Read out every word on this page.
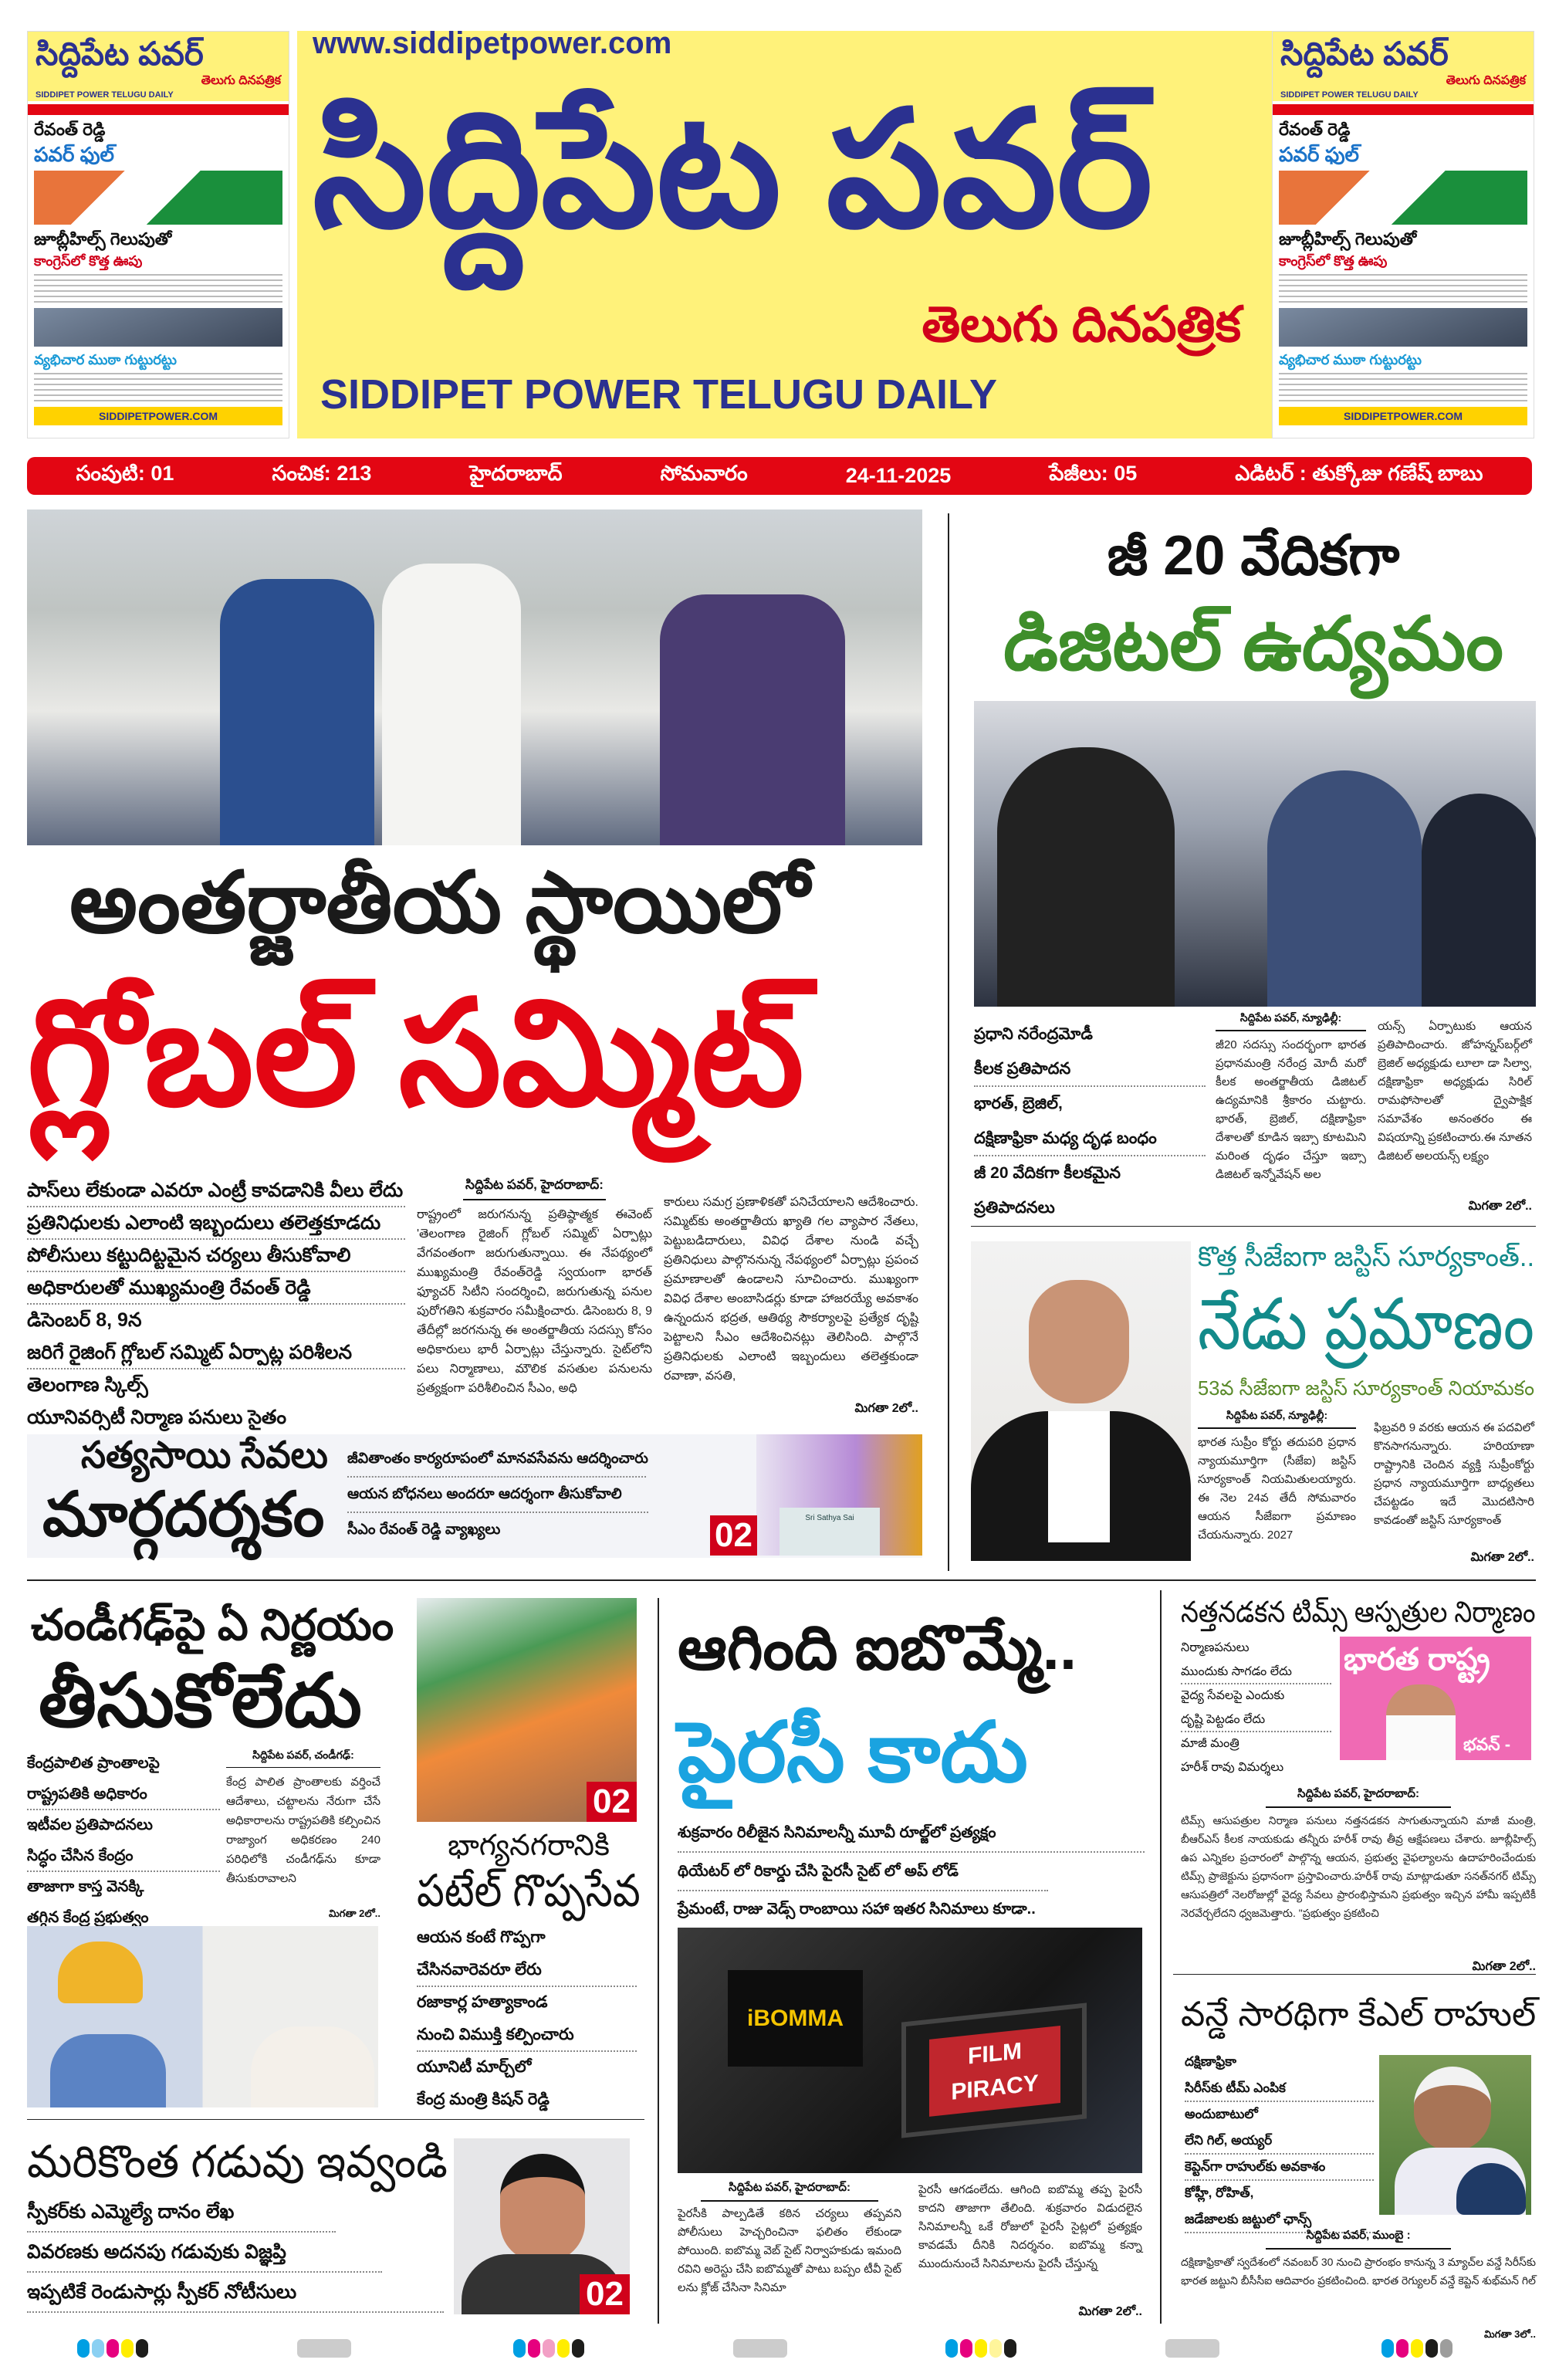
సిద్దిపేట పవర్
తెలుగు దినపత్రిక
SIDDIPET POWER TELUGU DAILY
రేవంత్ రెడ్డి
పవర్ ఫుల్
జూబ్లీహిల్స్ గెలుపుతో
కాంగ్రెస్‌లో కొత్త ఊపు
వ్యభిచార ముఠా గుట్టురట్టు
SIDDIPETPOWER.COM
www.siddipetpower.com
సిద్దిపేట పవర్
తెలుగు దినపత్రిక
SIDDIPET POWER TELUGU DAILY
సిద్దిపేట పవర్
తెలుగు దినపత్రిక
SIDDIPET POWER TELUGU DAILY
రేవంత్ రెడ్డి
పవర్ ఫుల్
జూబ్లీహిల్స్ గెలుపుతో
కాంగ్రెస్‌లో కొత్త ఊపు
వ్యభిచార ముఠా గుట్టురట్టు
SIDDIPETPOWER.COM
సంపుటి: 01	సంచిక: 213	హైదరాబాద్	సోమవారం	24-11-2025	పేజీలు: 05	ఎడిటర్ : తుక్కోజు గణేష్ బాబు
అంతర్జాతీయ స్థాయిలో
గ్లోబల్ సమ్మిట్
పాస్‌లు లేకుండా ఎవరూ ఎంట్రీ కావడానికి వీలు లేదు
ప్రతినిధులకు ఎలాంటి ఇబ్బందులు తలెత్తకూడదు
పోలీసులు కట్టుదిట్టమైన చర్యలు తీసుకోవాలి
అధికారులతో ముఖ్యమంత్రి రేవంత్ రెడ్డి
డిసెంబర్ 8, 9న
జరిగే రైజింగ్ గ్లోబల్ సమ్మిట్ ఏర్పాట్ల పరిశీలన
తెలంగాణ స్కిల్స్
యూనివర్సిటీ నిర్మాణ పనులు సైతం
సిద్దిపేట పవర్, హైదరాబాద్:
రాష్ట్రంలో జరుగనున్న ప్రతిష్ఠాత్మక ఈవెంట్ 'తెలంగాణ రైజింగ్ గ్లోబల్ సమ్మిట్' ఏర్పాట్లు వేగవంతంగా జరుగుతున్నాయి. ఈ నేపథ్యంలో ముఖ్యమంత్రి రేవంత్‌రెడ్డి స్వయంగా భారత్ ఫ్యూచర్ సిటీని సందర్శించి, జరుగుతున్న పనుల పురోగతిని శుక్రవారం సమీక్షించారు. డిసెంబరు 8, 9 తేదీల్లో జరగనున్న ఈ అంతర్జాతీయ సదస్సు కోసం అధికారులు భారీ ఏర్పాట్లు చేస్తున్నారు. సైట్‌లోని పలు నిర్మాణాలు, మౌలిక వసతుల పనులను ప్రత్యక్షంగా పరిశీలించిన సీఎం, అధి
కారులు సమగ్ర ప్రణాళికతో పనిచేయాలని ఆదేశించారు. సమ్మిట్‌కు అంతర్జాతీయ ఖ్యాతి గల వ్యాపార నేతలు, పెట్టుబడిదారులు, వివిధ దేశాల నుండి వచ్చే ప్రతినిధులు పాల్గొననున్న నేపథ్యంలో ఏర్పాట్లు ప్రపంచ ప్రమాణాలతో ఉండాలని సూచించారు. ముఖ్యంగా వివిధ దేశాల అంబాసిడర్లు కూడా హాజరయ్యే అవకాశం ఉన్నందున భద్రత, ఆతిథ్య సౌకర్యాలపై ప్రత్యేక దృష్టి పెట్టాలని సీఎం ఆదేశించినట్లు తెలిసింది. పాల్గొనే ప్రతినిధులకు ఎలాంటి ఇబ్బందులు తలెత్తకుండా రవాణా, వసతి,
మిగతా 2లో..
సత్యసాయి సేవలు
మార్గదర్శకం
జీవితాంతం కార్యరూపంలో మానవసేవను ఆదర్శించారు
ఆయన బోధనలు అందరూ ఆదర్శంగా తీసుకోవాలి
సీఎం రేవంత్ రెడ్డి వ్యాఖ్యలు
Sri Sathya Sai
02
జీ 20 వేదికగా
డిజిటల్ ఉద్యమం
ప్రధాని నరేంద్రమోడీ
కీలక ప్రతిపాదన
భారత్, బ్రెజిల్,
దక్షిణాఫ్రికా మధ్య దృఢ బంధం
జీ 20 వేదికగా కీలకమైన
ప్రతిపాదనలు
సిద్దిపేట పవర్, న్యూఢిల్లీ:
జీ20 సదస్సు సందర్భంగా భారత ప్రధానమంత్రి నరేంద్ర మోదీ మరో కీలక అంతర్జాతీయ డిజిటల్ ఉద్యమానికి శ్రీకారం చుట్టారు. భారత్, బ్రెజిల్, దక్షిణాఫ్రికా దేశాలతో కూడిన ఇబ్సా కూటమిని మరింత దృఢం చేస్తూ ఇబ్సా డిజిటల్ ఇన్నోవేషన్ అల
యన్స్ ఏర్పాటుకు ఆయన ప్రతిపాదించారు. జోహన్నస్‌బర్గ్‌లో బ్రెజిల్ అధ్యక్షుడు లూలా డా సిల్వా, దక్షిణాఫ్రికా అధ్యక్షుడు సిరిల్ రామఫోసాలతో ద్వైపాక్షిక సమావేశం అనంతరం ఈ విషయాన్ని ప్రకటించారు.ఈ నూతన డిజిటల్ అలయన్స్ లక్ష్యం
మిగతా 2లో..
కొత్త సీజేఐగా జస్టిస్ సూర్యకాంత్..
నేడు ప్రమాణం
53వ సీజేఐగా జస్టిస్ సూర్యకాంత్ నియామకం
సిద్దిపేట పవర్, న్యూఢిల్లీ:
భారత సుప్రీం కోర్టు తదుపరి ప్రధాన న్యాయమూర్తిగా (సీజేఐ) జస్టిస్ సూర్యకాంత్ నియమితులయ్యారు. ఈ నెల 24వ తేదీ సోమవారం ఆయన సీజేఐగా ప్రమాణం చేయనున్నారు. 2027
ఫిబ్రవరి 9 వరకు ఆయన ఈ పదవిలో కొనసాగనున్నారు. హరియాణా రాష్ట్రానికి చెందిన వ్యక్తి సుప్రీంకోర్టు ప్రధాన న్యాయమూర్తిగా బాధ్యతలు చేపట్టడం ఇదే మొదటిసారి కావడంతో జస్టిస్ సూర్యకాంత్
మిగతా 2లో..
చండీగఢ్‌పై ఏ నిర్ణయం
తీసుకోలేదు
కేంద్రపాలిత ప్రాంతాలపై
రాష్ట్రపతికి అధికారం
ఇటీవల ప్రతిపాదనలు
సిద్ధం చేసిన కేంద్రం
తాజాగా కాస్త వెనక్కి
తగ్గిన కేంద్ర ప్రభుత్వం
సిద్దిపేట పవర్, చండీగఢ్:
కేంద్ర పాలిత ప్రాంతాలకు వర్తించే ఆదేశాలు, చట్టాలను నేరుగా చేసే అధికారాలను రాష్ట్రపతికి కల్పించిన రాజ్యాంగ అధికరణం 240 పరిధిలోకి చండీగఢ్‌ను కూడా తీసుకురావాలని
మిగతా 2లో..
02
భాగ్యనగరానికి
పటేల్ గొప్పసేవ
ఆయన కంటే గొప్పగా
చేసినవారెవరూ లేరు
రజాకార్ల హత్యాకాండ
నుంచి విముక్తి కల్పించారు
యూనిటీ మార్చ్‌లో
కేంద్ర మంత్రి కిషన్ రెడ్డి
మరికొంత గడువు ఇవ్వండి
స్పీకర్‌కు ఎమ్మెల్యే దానం లేఖ
వివరణకు అదనపు గడువుకు విజ్ఞప్తి
ఇప్పటికే రెండుసార్లు స్పీకర్ నోటీసులు	02
ఆగింది ఐబొమ్మే..
పైరసీ కాదు
శుక్రవారం రిలీజైన సినిమాలన్నీ మూవీ రూల్జ్‌లో ప్రత్యక్షం
థియేటర్ లో రికార్డు చేసి పైరసీ సైట్ లో అప్ లోడ్
ప్రేమంటే, రాజు వెడ్స్ రాంబాయి సహా ఇతర సినిమాలు కూడా..
iBOMMA
FILM
PIRACY
సిద్దిపేట పవర్, హైదరాబాద్:
పైరసీకి పాల్పడితే కఠిన చర్యలు తప్పవని పోలీసులు హెచ్చరించినా ఫలితం లేకుండా పోయింది. ఐబొమ్మ వెబ్ సైట్ నిర్వాహకుడు ఇమంది రవిని అరెస్టు చేసి ఐబొమ్మతో పాటు బప్పం టీవీ సైట్ లను క్లోజ్ చేసినా సినిమా
పైరసీ ఆగడంలేదు. ఆగింది ఐబొమ్మ తప్ప పైరసీ కాదని తాజాగా తేలింది. శుక్రవారం విడుదలైన సినిమాలన్నీ ఒకే రోజులో పైరసీ సైట్లలో ప్రత్యక్షం కావడమే దీనికి నిదర్శనం. ఐబొమ్మ కన్నా ముందునుంచే సినిమాలను పైరసీ చేస్తున్న
మిగతా 2లో..
నత్తనడకన టిమ్స్ ఆస్పత్రుల నిర్మాణం
నిర్మాణపనులు
ముందుకు సాగడం లేదు
వైద్య సేవలపై ఎందుకు
దృష్టి పెట్టడం లేదు
మాజీ మంత్రి
హరీశ్ రావు విమర్శలు
భారత రాష్ట్ర
భవన్ -
సిద్దిపేట పవర్, హైదరాబాద్:
టిమ్స్ ఆసుపత్రుల నిర్మాణ పనులు నత్తనడకన సాగుతున్నాయని మాజీ మంత్రి, బీఆర్ఎస్ కీలక నాయకుడు తన్నీరు హరీశ్ రావు తీవ్ర ఆక్షేపణలు చేశారు. జూబ్లీహిల్స్ ఉప ఎన్నికల ప్రచారంలో పాల్గొన్న ఆయన, ప్రభుత్వ వైఫల్యాలను ఉదాహరించేందుకు టిమ్స్ ప్రాజెక్టును ప్రధానంగా ప్రస్తావించారు.హరీశ్ రావు మాట్లాడుతూ సనత్‌నగర్ టిమ్స్ ఆసుపత్రిలో నెలరోజుల్లో వైద్య సేవలు ప్రారంభిస్తామని ప్రభుత్వం ఇచ్చిన హామీ ఇప్పటికీ నెరవేర్చలేదని ధ్వజమెత్తారు. "ప్రభుత్వం ప్రకటించి
మిగతా 2లో..
వన్డే సారథిగా కేఎల్ రాహుల్
దక్షిణాఫ్రికా
సిరీస్‌కు టీమ్ ఎంపిక
అందుబాటులో
లేని గిల్, అయ్యర్
కెప్టెన్‌గా రాహుల్‌కు అవకాశం
కోహ్లీ, రోహిత్,
జడేజాలకు జట్టులో ఛాన్స్
సిద్దిపేట పవర్, ముంబై :
దక్షిణాఫ్రికాతో స్వదేశంలో నవంబర్ 30 నుంచి ప్రారంభం కానున్న 3 మ్యాచ్‌ల వన్డే సిరీస్‌కు భారత జట్టుని బీసీసీఐ ఆదివారం ప్రకటించింది. భారత రెగ్యులర్ వన్డే కెప్టెన్ శుభ్‌మన్ గిల్
మిగతా 3లో..
